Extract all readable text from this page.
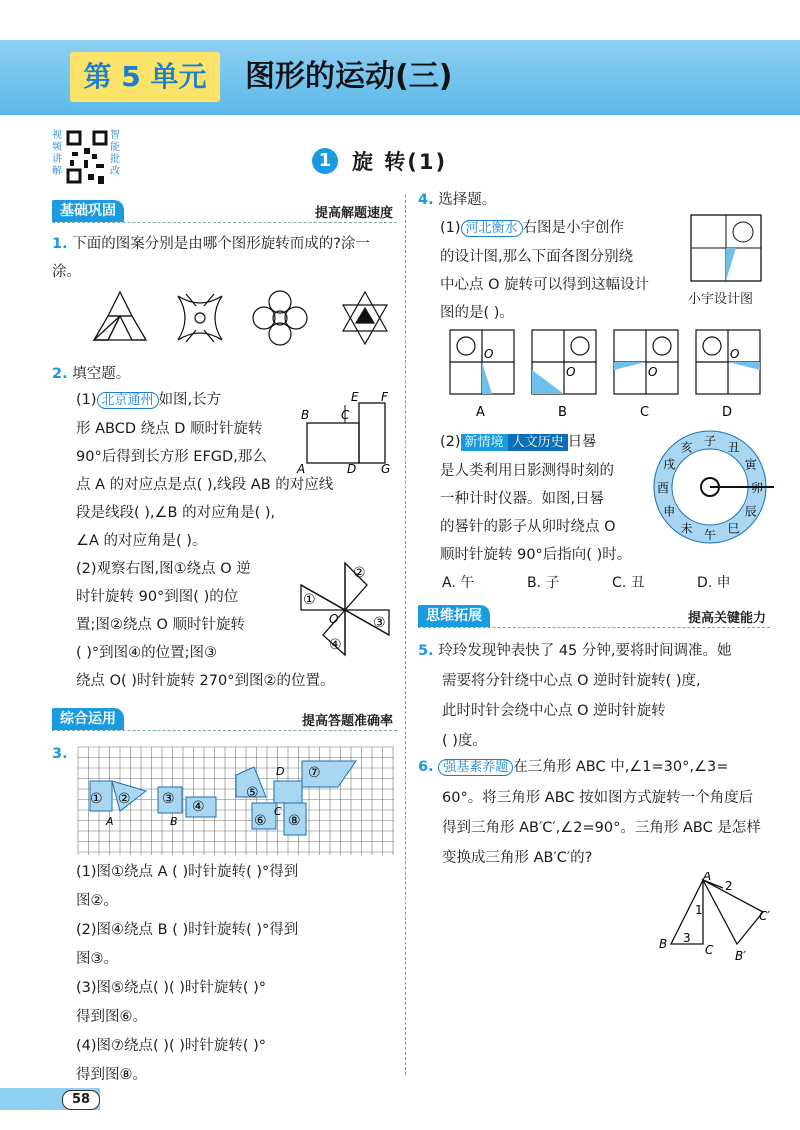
第 5 单元	图形的运动(三)
视频讲解
智能批改
1 旋 转(1)
基础巩固	提高解题速度
1. 下面的图案分别是由哪个图形旋转而成的?涂一涂。
2. 填空题。
(1) 北京通州 如图,长方
形 ABCD 绕点 D 顺时针旋转
90°后得到长方形 EFGD,那么
点 A 的对应点是点( ),线段 AB 的对应线
段是线段( ),∠B 的对应角是( ),
∠A 的对应角是( )。
B	C
E F
A	D G
(2)观察右图,图①绕点 O 逆
时针旋转 90°到图( )的位
置;图②绕点 O 顺时针旋转
( )°到图④的位置;图③
绕点 O( )时针旋转 270°到图②的位置。
②
①
O ③
④
综合运用	提高答题准确率
3.
① ②
A
③ ④
B
⑤
⑥
C
⑦
⑧
D
(1)图①绕点 A ( )时针旋转( )°得到
图②。
(2)图④绕点 B ( )时针旋转( )°得到
图③。
(3)图⑤绕点( )( )时针旋转( )°
得到图⑥。
(4)图⑦绕点( )( )时针旋转( )°
得到图⑧。
4. 选择题。
(1) 河北衡水 右图是小宇创作
的设计图,那么下面各图分别绕
中心点 O 旋转可以得到这幅设计
图的是( )。
小宇设计图
O
O	O
O
A	B	C	D
(2) 新情境 人文历史 日晷
是人类利用日影测得时刻的
一种计时仪器。如图,日晷
的晷针的影子从卯时绕点 O
顺时针旋转 90°后指向( )时。
子 丑
寅
卯
辰
巳
午
未
申
酉
戌
亥
A. 午	B. 子	C. 丑	D. 申
思维拓展	提高关键能力
5. 玲玲发现钟表快了 45 分钟,要将时间调准。她
需要将分针绕中心点 O 逆时针旋转( )度,
此时时针会绕中心点 O 逆时针旋转
( )度。
6. 强基素养题 在三角形 ABC 中,∠1=30°,∠3=
60°。将三角形 ABC 按如图方式旋转一个角度后
得到三角形 AB′C′,∠2=90°。三角形 ABC 是怎样
变换成三角形 AB′C′的?
A
2
1	C′
B 3
C B′
58
